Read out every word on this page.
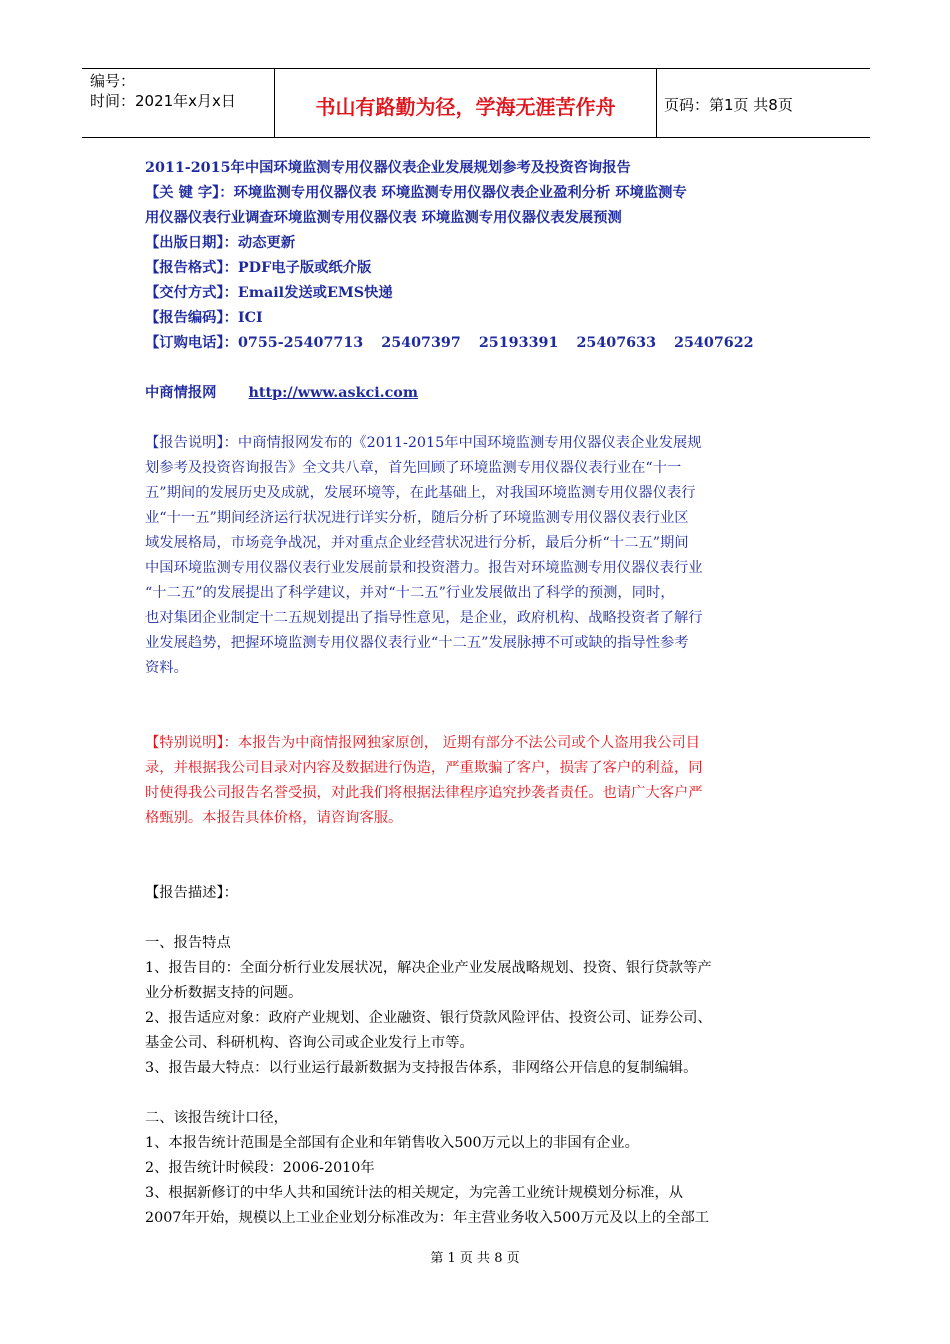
编号：
时间：2021年x月x日	书山有路勤为径，学海无涯苦作舟	页码：第1页 共8页
2011-2015年中国环境监测专用仪器仪表企业发展规划参考及投资咨询报告
【关 键 字】：环境监测专用仪器仪表 环境监测专用仪器仪表企业盈利分析 环境监测专
用仪器仪表行业调查环境监测专用仪器仪表 环境监测专用仪器仪表发展预测
【出版日期】：动态更新
【报告格式】：PDF电子版或纸介版
【交付方式】：Email发送或EMS快递
【报告编码】：ICI
【订购电话】：0755-25407713 25407397 25193391 25407633 25407622
中商情报网 http://www.askci.com
【报告说明】：中商情报网发布的《2011-2015年中国环境监测专用仪器仪表企业发展规
划参考及投资咨询报告》全文共八章，首先回顾了环境监测专用仪器仪表行业在“十一
五”期间的发展历史及成就，发展环境等，在此基础上，对我国环境监测专用仪器仪表行
业“十一五”期间经济运行状况进行详实分析，随后分析了环境监测专用仪器仪表行业区
域发展格局，市场竞争战况，并对重点企业经营状况进行分析，最后分析“十二五”期间
中国环境监测专用仪器仪表行业发展前景和投资潜力。报告对环境监测专用仪器仪表行业
“十二五”的发展提出了科学建议，并对“十二五”行业发展做出了科学的预测，同时，
也对集团企业制定十二五规划提出了指导性意见，是企业，政府机构、战略投资者了解行
业发展趋势，把握环境监测专用仪器仪表行业“十二五”发展脉搏不可或缺的指导性参考
资料。
【特别说明】：本报告为中商情报网独家原创， 近期有部分不法公司或个人盗用我公司目
录，并根据我公司目录对内容及数据进行伪造，严重欺骗了客户，损害了客户的利益，同
时使得我公司报告名誉受损，对此我们将根据法律程序追究抄袭者责任。也请广大客户严
格甄别。本报告具体价格，请咨询客服。
【报告描述】：
一、报告特点
1、报告目的：全面分析行业发展状况，解决企业产业发展战略规划、投资、银行贷款等产
业分析数据支持的问题。
2、报告适应对象：政府产业规划、企业融资、银行贷款风险评估、投资公司、证券公司、
基金公司、科研机构、咨询公司或企业发行上市等。
3、报告最大特点：以行业运行最新数据为支持报告体系，非网络公开信息的复制编辑。
二、该报告统计口径，
1、本报告统计范围是全部国有企业和年销售收入500万元以上的非国有企业。
2、报告统计时候段：2006-2010年
3、根据新修订的中华人共和国统计法的相关规定，为完善工业统计规模划分标准，从
2007年开始，规模以上工业企业划分标准改为：年主营业务收入500万元及以上的全部工
第 1 页 共 8 页
